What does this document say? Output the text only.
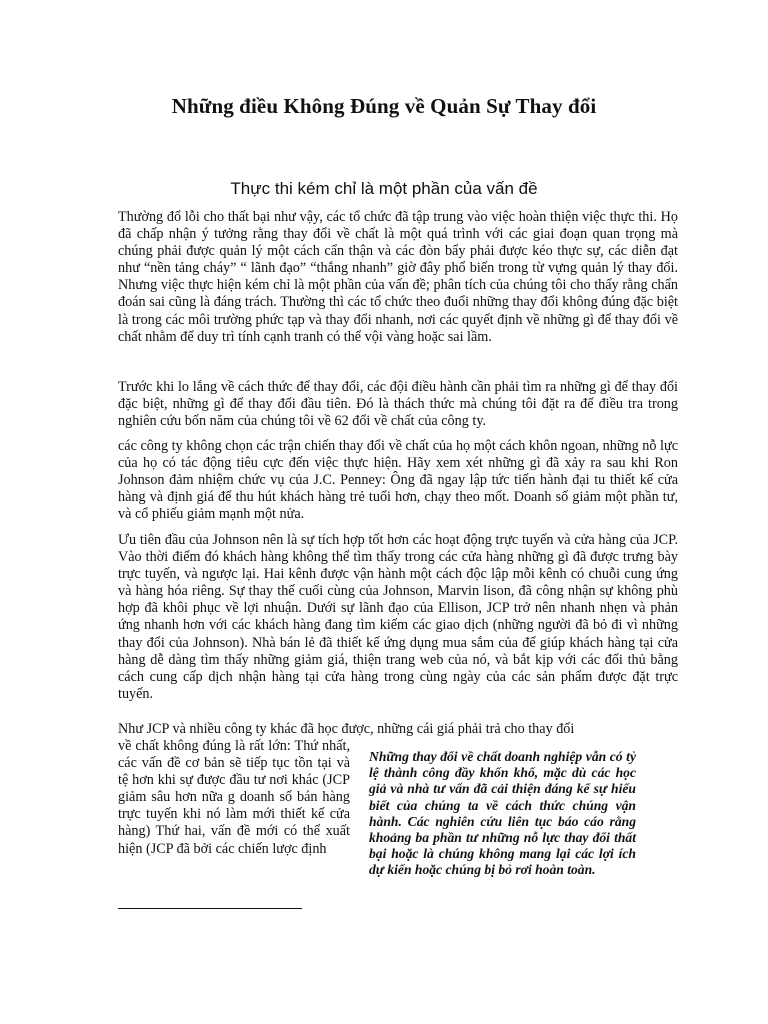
Những điều Không Đúng về Quản Sự Thay đổi
Thực thi kém chỉ là một phần của vấn đề
Thường đổ lỗi cho thất bại như vậy, các tổ chức đã tập trung vào việc hoàn thiện việc thực thi. Họ đã chấp nhận ý tưởng rằng thay đổi về chất là một quá trình với các giai đoạn quan trọng mà chúng phải được quản lý một cách cẩn thận và các đòn bẩy phải được kéo thực sự, các diễn đạt như “nền tảng cháy” “ lãnh đạo” “thắng nhanh” giờ đây phổ biến trong từ vựng quản lý thay đổi. Nhưng việc thực hiện kém chỉ là một phần của vấn đề; phân tích của chúng tôi cho thấy rằng chẩn đoán sai cũng là đáng trách. Thường thì các tổ chức theo đuổi những thay đổi không đúng đặc biệt là trong các môi trường phức tạp và thay đổi nhanh, nơi các quyết định về những gì để thay đổi về chất nhằm để duy trì tính cạnh tranh có thể vội vàng hoặc sai lầm.
Trước khi lo lắng về cách thức để thay đổi, các đội điều hành cần phải tìm ra những gì để thay đổi đặc biệt, những gì để thay đổi đầu tiên. Đó là thách thức mà chúng tôi đặt ra để điều tra trong nghiên cứu bốn năm của chúng tôi về 62 đổi về chất của công ty.
các công ty không chọn các trận chiến thay đổi về chất của họ một cách khôn ngoan, những nỗ lực của họ có tác động tiêu cực đến việc thực hiện. Hãy xem xét những gì đã xảy ra sau khi Ron Johnson đảm nhiệm chức vụ của J.C. Penney: Ông đã ngay lập tức tiến hành đại tu thiết kế cửa hàng và định giá để thu hút khách hàng trẻ tuổi hơn, chạy theo mốt. Doanh số giảm một phần tư, và cổ phiếu giảm mạnh một nửa.
Ưu tiên đầu của Johnson nên là sự tích hợp tốt hơn các hoạt động trực tuyến và cửa hàng của JCP. Vào thời điểm đó khách hàng không thể tìm thấy trong các cửa hàng những gì đã được trưng bày trực tuyến, và ngược lại. Hai kênh được vận hành một cách độc lập mỗi kênh có chuỗi cung ứng và hàng hóa riêng. Sự thay thế cuối cùng của Johnson, Marvin lison, đã công nhận sự không phù hợp đã khôi phục về lợi nhuận. Dưới sự lãnh đạo của Ellison, JCP trở nên nhanh nhẹn và phản ứng nhanh hơn với các khách hàng đang tìm kiếm các giao dịch (những người đã bỏ đi vì những thay đổi của Johnson). Nhà bán lẻ đã thiết kế ứng dụng mua sắm của để giúp khách hàng tại cửa hàng dễ dàng tìm thấy những giảm giá, thiện trang web của nó, và bắt kịp với các đối thủ bằng cách cung cấp dịch nhận hàng tại cửa hàng trong cùng ngày của các sản phẩm được đặt trực tuyến.
Như JCP và nhiều công ty khác đã học được, những cái giá phải trả cho thay đổi
về chất không đúng là rất lớn: Thứ nhất, các vấn đề cơ bản sẽ tiếp tục tồn tại và tệ hơn khi sự được đầu tư nơi khác (JCP giảm sâu hơn nữa g doanh số bán hàng trực tuyến khi nó làm mới thiết kế cửa hàng) Thứ hai, vấn đề mới có thể xuất hiện (JCP đã bởi các chiến lược định
Những thay đổi về chất doanh nghiệp vẫn có tỷ lệ thành công đầy khốn khổ, mặc dù các học giả và nhà tư vấn đã cải thiện đáng kể sự hiểu biết của chúng ta về cách thức chúng vận hành. Các nghiên cứu liên tục báo cáo rằng khoảng ba phần tư những nỗ lực thay đổi thất bại hoặc là chúng không mang lại các lợi ích dự kiến hoặc chúng bị bỏ rơi hoàn toàn.
